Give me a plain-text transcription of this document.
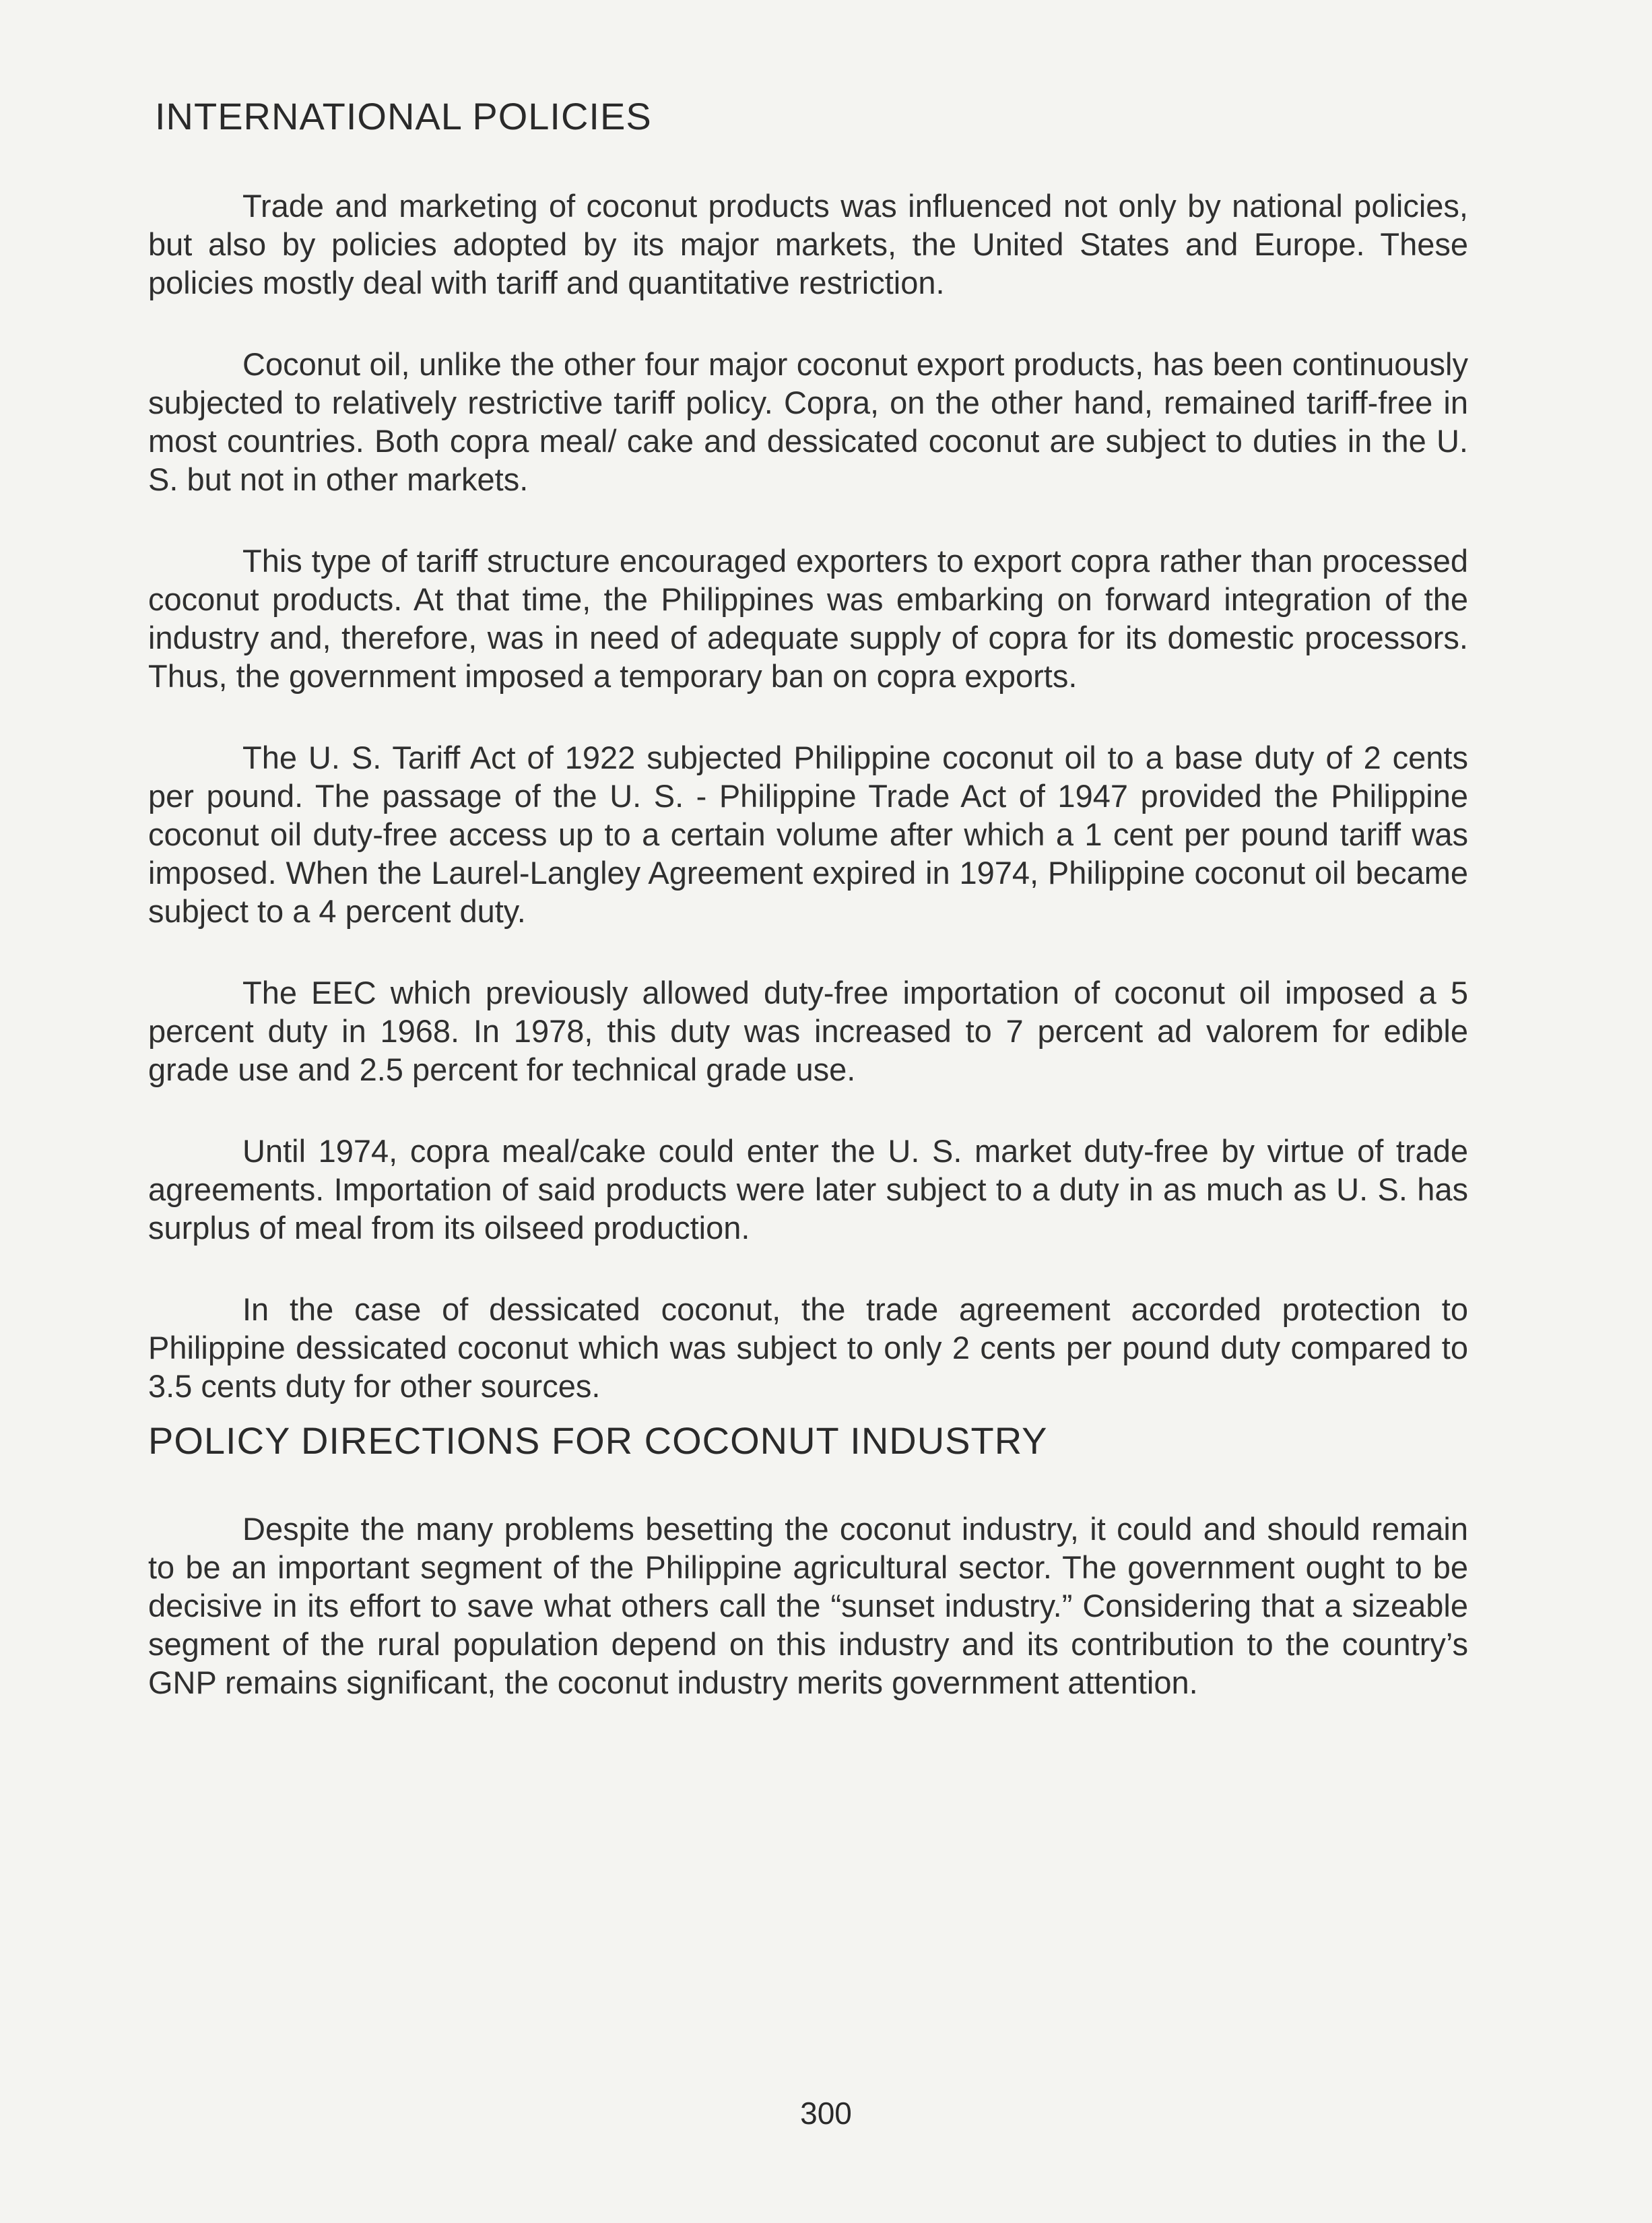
INTERNATIONAL POLICIES

Trade and marketing of coconut products was influenced not only by national policies, but also by policies adopted by its major markets, the United States and Europe. These policies mostly deal with tariff and quantitative restriction.

Coconut oil, unlike the other four major coconut export products, has been continuously subjected to relatively restrictive tariff policy. Copra, on the other hand, remained tariff-free in most countries. Both copra meal/ cake and dessicated coconut are subject to duties in the U. S. but not in other markets.

This type of tariff structure encouraged exporters to export copra rather than processed coconut products. At that time, the Philippines was embarking on forward integration of the industry and, therefore, was in need of adequate supply of copra for its domestic processors. Thus, the government imposed a temporary ban on copra exports.

The U. S. Tariff Act of 1922 subjected Philippine coconut oil to a base duty of 2 cents per pound. The passage of the U. S. - Philippine Trade Act of 1947 provided the Philippine coconut oil duty-free access up to a certain volume after which a 1 cent per pound tariff was imposed. When the Laurel-Langley Agreement expired in 1974, Philippine coconut oil became subject to a 4 percent duty.

The EEC which previously allowed duty-free importation of coconut oil imposed a 5 percent duty in 1968. In 1978, this duty was increased to 7 percent ad valorem for edible grade use and 2.5 percent for technical grade use.

Until 1974, copra meal/cake could enter the U. S. market duty-free by virtue of trade agreements. Importation of said products were later subject to a duty in as much as U. S. has surplus of meal from its oilseed production.

In the case of dessicated coconut, the trade agreement accorded protection to Philippine dessicated coconut which was subject to only 2 cents per pound duty compared to 3.5 cents duty for other sources.

POLICY DIRECTIONS FOR COCONUT INDUSTRY

Despite the many problems besetting the coconut industry, it could and should remain to be an important segment of the Philippine agricultural sector. The government ought to be decisive in its effort to save what others call the “sunset industry.” Considering that a sizeable segment of the rural population depend on this industry and its contribution to the country’s GNP remains significant, the coconut industry merits government attention.

300
